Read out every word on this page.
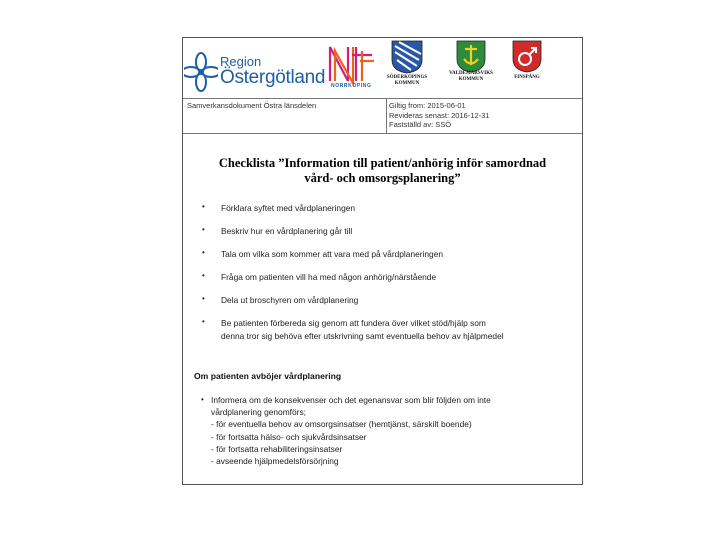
Region
Östergötland NORRKÖPING
SÖDERKÖPINGS
KOMMUN
VALDEMARSVIKS
KOMMUN	FINSPÅNG
Samverkansdokument Östra länsdelen	Giltig from: 2015-06-01
Revideras senast: 2016-12-31
Fastställd av: SSÖ
Checklista ”Information till patient/anhörig inför samordnad
vård- och omsorgsplanering”
• Förklara syftet med vårdplaneringen
• Beskriv hur en vårdplanering går till
• Tala om vilka som kommer att vara med på vårdplaneringen
• Fråga om patienten vill ha med någon anhörig/närstående
• Dela ut broschyren om vårdplanering
• Be patienten förbereda sig genom att fundera över vilket stöd/hjälp som
denna tror sig behöva efter utskrivning samt eventuella behov av hjälpmedel
Om patienten avböjer vårdplanering
• Informera om de konsekvenser och det egenansvar som blir följden om inte
vårdplanering genomförs;
- för eventuella behov av omsorgsinsatser (hemtjänst, särskilt boende)
- för fortsatta hälso- och sjukvårdsinsatser
- för fortsatta rehabiliteringsinsatser
- avseende hjälpmedelsförsörjning
